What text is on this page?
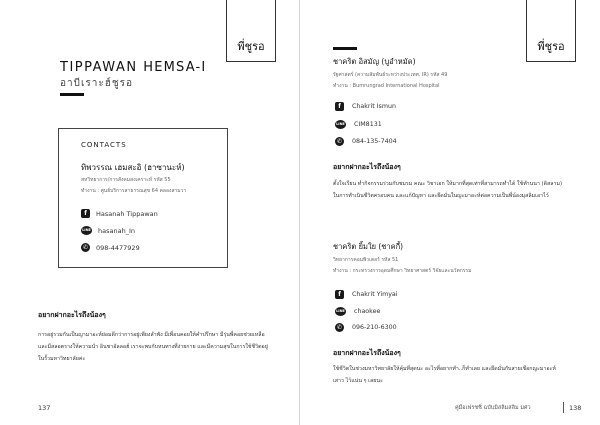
พี่ชูรอ
TIPPAWAN HEMSA-I
อาบีเราะฮ์ชูรอ
CONTACTS
ทิพวรรณ เฮมสะอิ (ฮาซานะห์)
สหวิทยาการ/การสังคมสงเคราะห์ รหัส 55
ทำงาน : ศูนย์บริการสาธารณสุข 64 คลองสามวา
f	Hasanah Tippawan
LINE hasanah_In
✆	098-4477929
อยากฝากอะไรถึงน้องๆ
การอยู่รวมกันเป็นญามาอะห์ย่อมดีกว่าการอยู่เพียงลำพัง มีเพื่อนคอยให้คำปรึกษา มีรุ่นพี่คอยช่วยเหลือ และมีสลอตรางให้ความนำ อินชาอัลลอฮ์ เราจะพบกับหนทางที่ง่ายกาย และมีความสุขในการใช้ชีวิตอยู่ในรั้วมหาวิทยาลัยค่ะ
137
พี่ชูรอ
ชาคริต อิสมัญ (บูอำหมัด)
รัฐศาสตร์ (ความสัมพันธ์ระหว่างประเทศ, IR) รหัส 49
ทำงาน : Bumrungrad International Hospital
f	Chakrit Ismun
LINE CIM8131
✆	084-135-7404
อยากฝากอะไรถึงน้องๆ
ตั้งใจเรียน ทำกิจกรรมร่วมกับชมรม คณะ วิชาเอก ให้มากที่สุดเท่าที่สามารถทำได้ ใช้ทำนนา (ดิสลาม) ในการทำเนินชีวิตครอบคน และแก้ปัญหา และยึดมั่นในญะมาอะห์ต่อความเป็นพี่น้องมุสลิมเอาไว้
ชาคริต ยิ้มใย (ชาคกี้)
วิทยาการคอมพิวเตอร์ รหัส 51
ทำงาน : กระทรวงการอุดมศึกษา วิทยาศาสตร์ วิจัยและนวัตกรรม
f	Chakrit Yimyai
LINE chaokee
✆	096-210-6300
อยากฝากอะไรถึงน้องๆ
ใช้ชีวิตในช่วงมหาวิทยาลัยให้คุ้มที่สุดนะ อะไรที่อยากทำ..ก็ทำเลย และยึดมั่นกับสายเชือกญะมาอะห์ เสาว ไว้แน่น ๆ เลยนะ
คู่มือเฟรชชี่ ฉบับมิสลิมสลิม มศว	138
